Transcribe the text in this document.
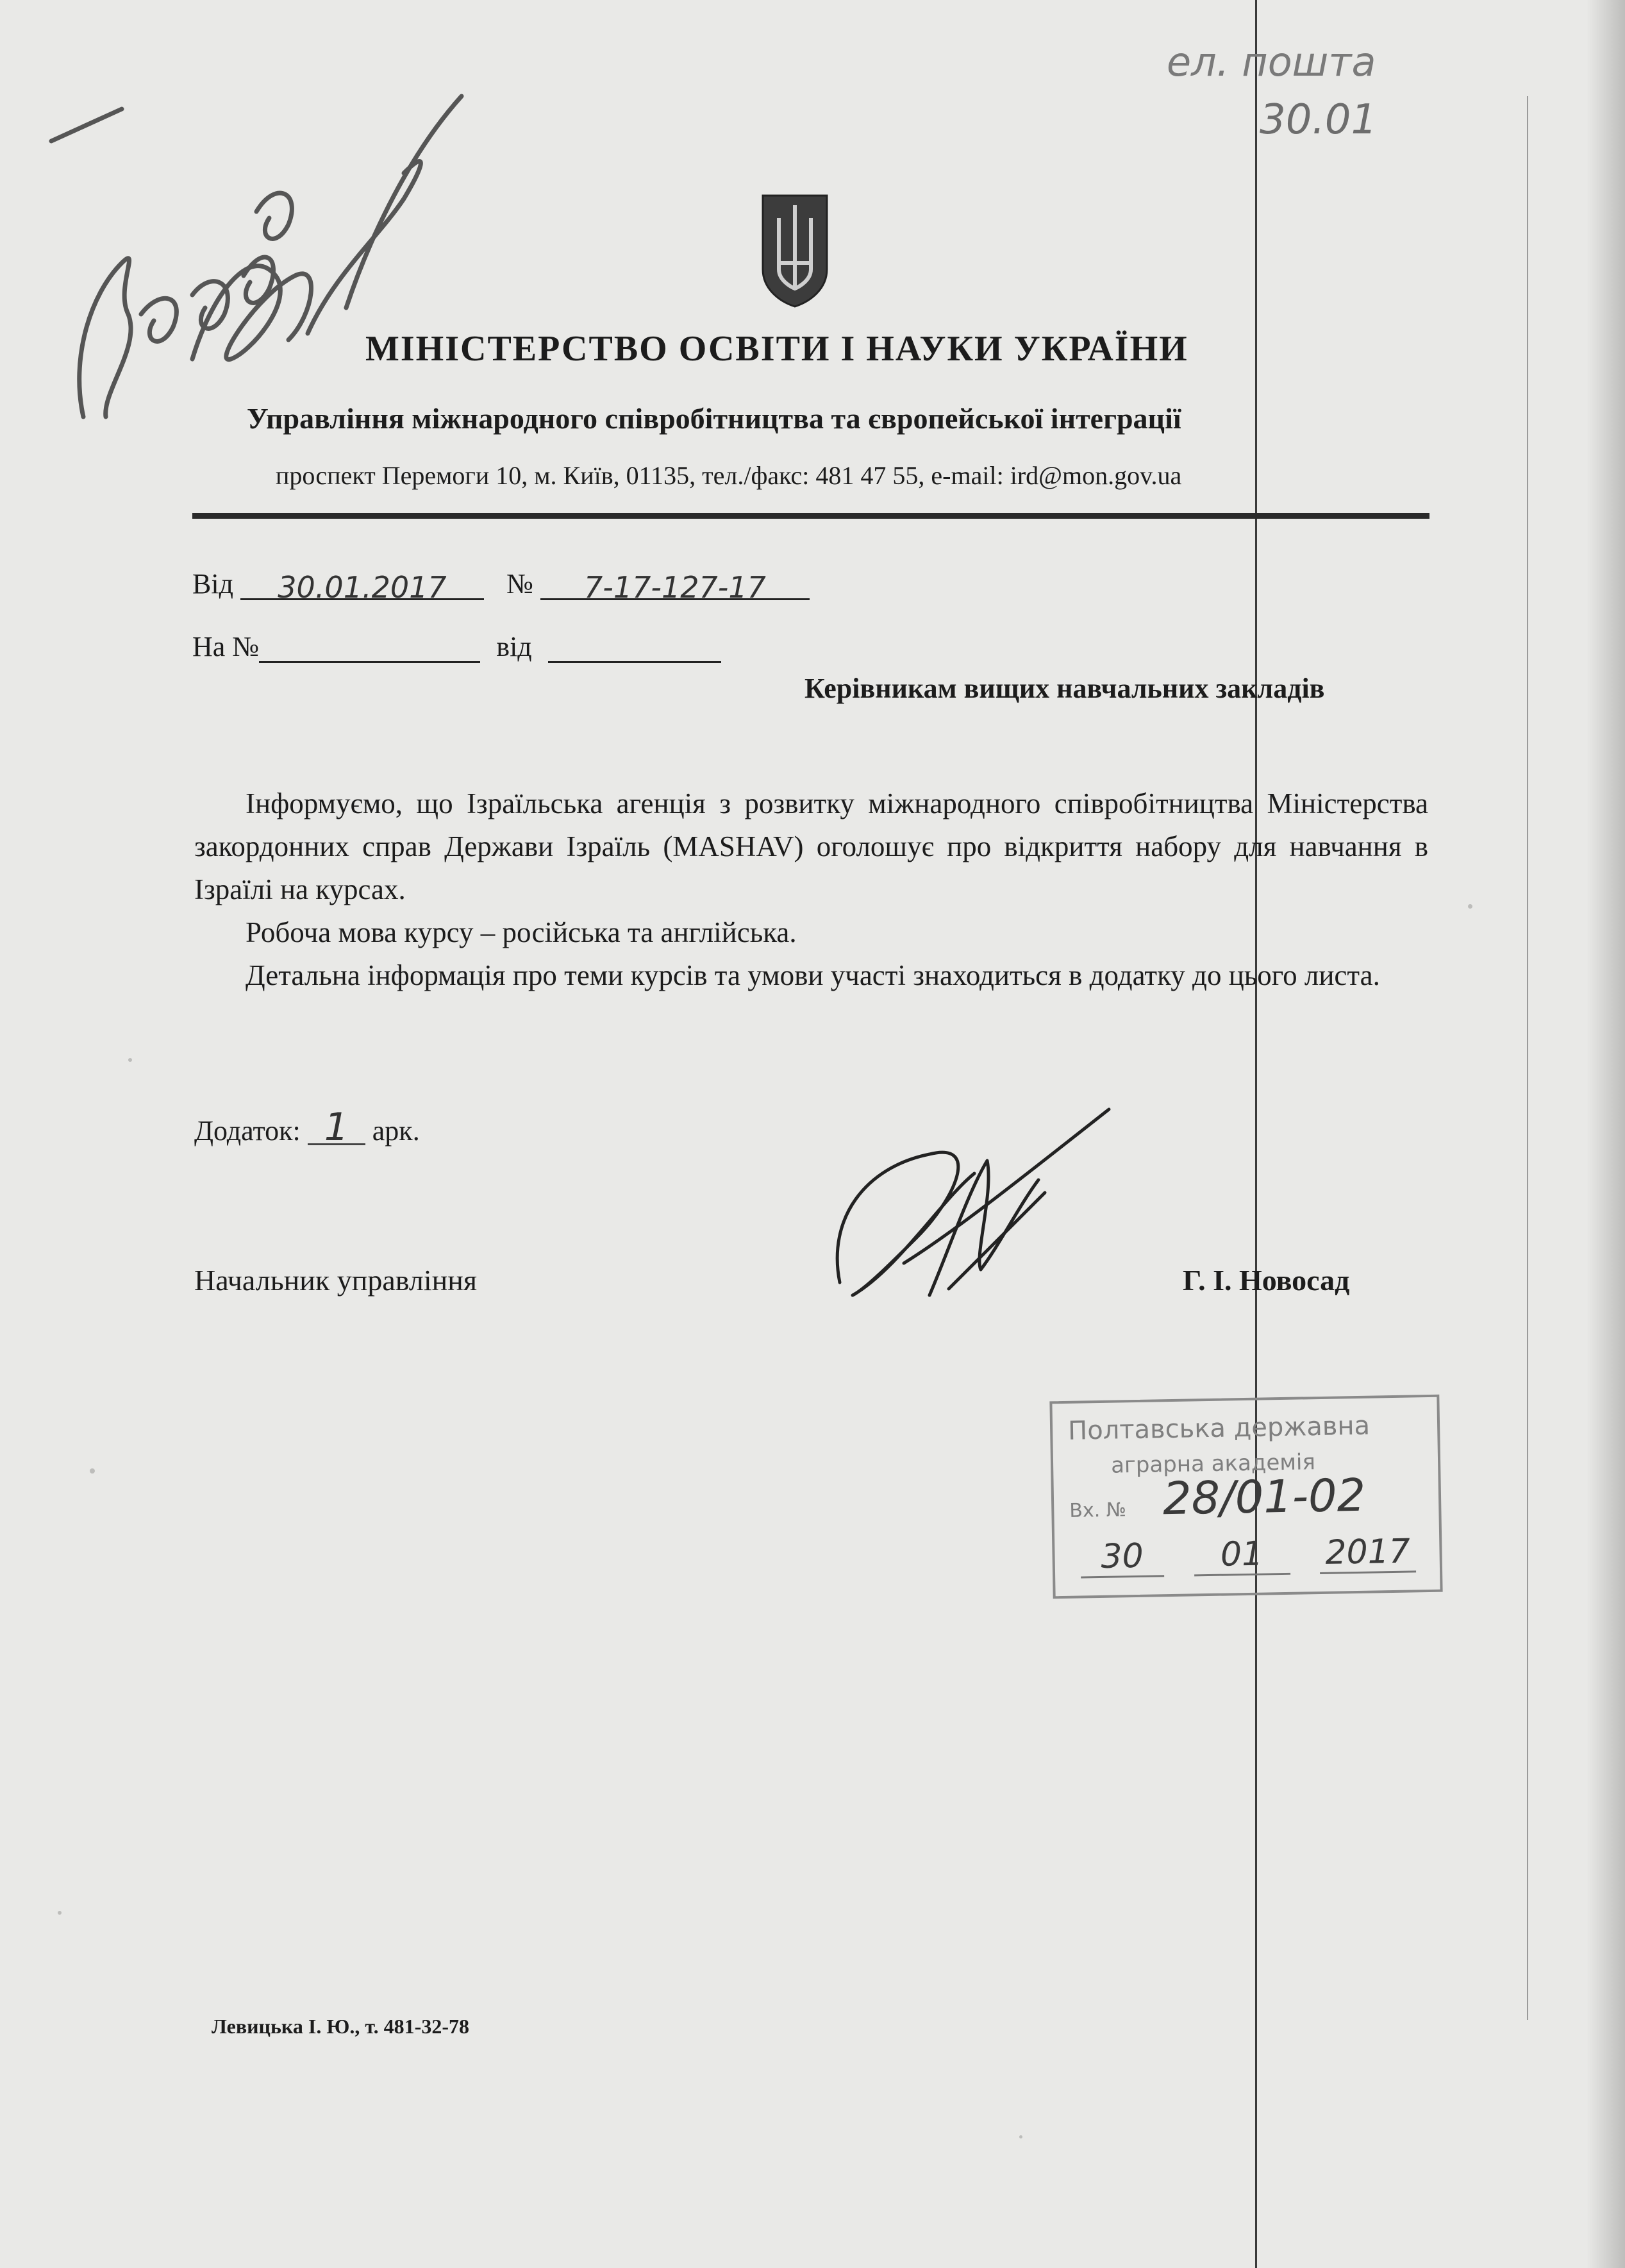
ел. пошта
30.01
МІНІСТЕРСТВО ОСВІТИ І НАУКИ УКРАЇНИ
Управління міжнародного співробітництва та європейської інтеграції
проспект Перемоги 10, м. Київ, 01135, тел./факс: 481 47 55, e-mail: ird@mon.gov.ua
Від 30.01.2017 № 7-17-127-17
На №	від
Керівникам вищих навчальних закладів
Інформуємо, що Ізраїльська агенція з розвитку міжнародного співробітництва Міністерства закордонних справ Держави Ізраїль (MASHAV) оголошує про відкриття набору для навчання в Ізраїлі на курсах.
Робоча мова курсу – російська та англійська.
Детальна інформація про теми курсів та умови участі знаходиться в додатку до цього листа.
Додаток: 1 арк.
Начальник управління	Г. І. Новосад
Полтавська державна
аграрна академія
Вх. № 28/01-02
30 01 2017
Левицька І. Ю., т. 481-32-78
